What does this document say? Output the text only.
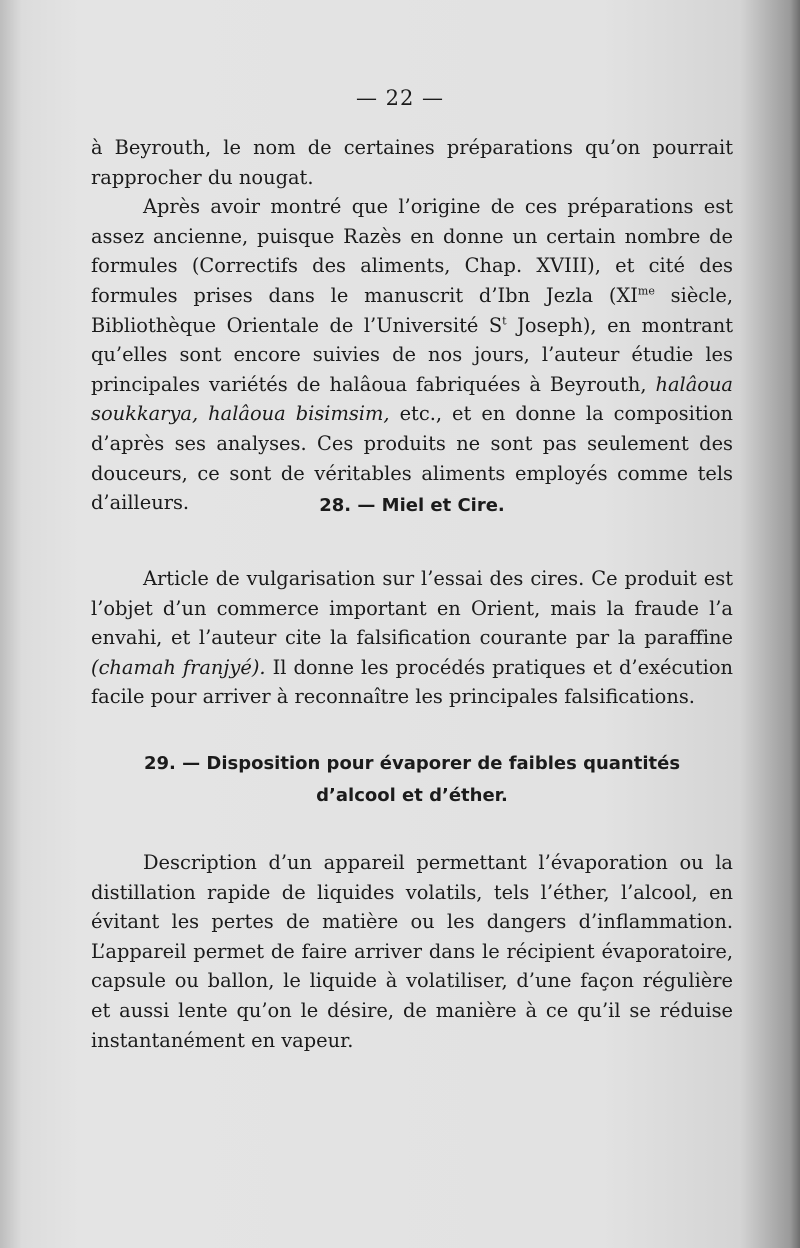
— 22 —

à Beyrouth, le nom de certaines préparations qu’on pourrait rapprocher du nougat.

Après avoir montré que l’origine de ces préparations est assez ancienne, puisque Razès en donne un certain nombre de formules (Correctifs des aliments, Chap. XVIII), et cité des formules prises dans le manuscrit d’Ibn Jezla ($XI^{me}$ siècle, Bibliothèque Orientale de l’Université $S^t$ Joseph), en montrant qu’elles sont encore suivies de nos jours, l’auteur étudie les principales variétés de halâoua fabriquées à Beyrouth, halâoua soukkarya, halâoua bisimsim, etc., et en donne la composition d’après ses analyses. Ces produits ne sont pas seulement des douceurs, ce sont de véritables aliments employés comme tels d’ailleurs.	28. — Miel et Cire.

Article de vulgarisation sur l’essai des cires. Ce produit est l’objet d’un commerce important en Orient, mais la fraude l’a envahi, et l’auteur cite la falsification courante par la paraffine (chamah franjyé). Il donne les procédés pratiques et d’exécution facile pour arriver à reconnaître les principales falsifications.

29. — Disposition pour évaporer de faibles quantités
d’alcool et d’éther.

Description d’un appareil permettant l’évaporation ou la distillation rapide de liquides volatils, tels l’éther, l’alcool, en évitant les pertes de matière ou les dangers d’inflammation. L’appareil permet de faire arriver dans le récipient évaporatoire, capsule ou ballon, le liquide à volatiliser, d’une façon régulière et aussi lente qu’on le désire, de manière à ce qu’il se réduise instantanément en vapeur.
